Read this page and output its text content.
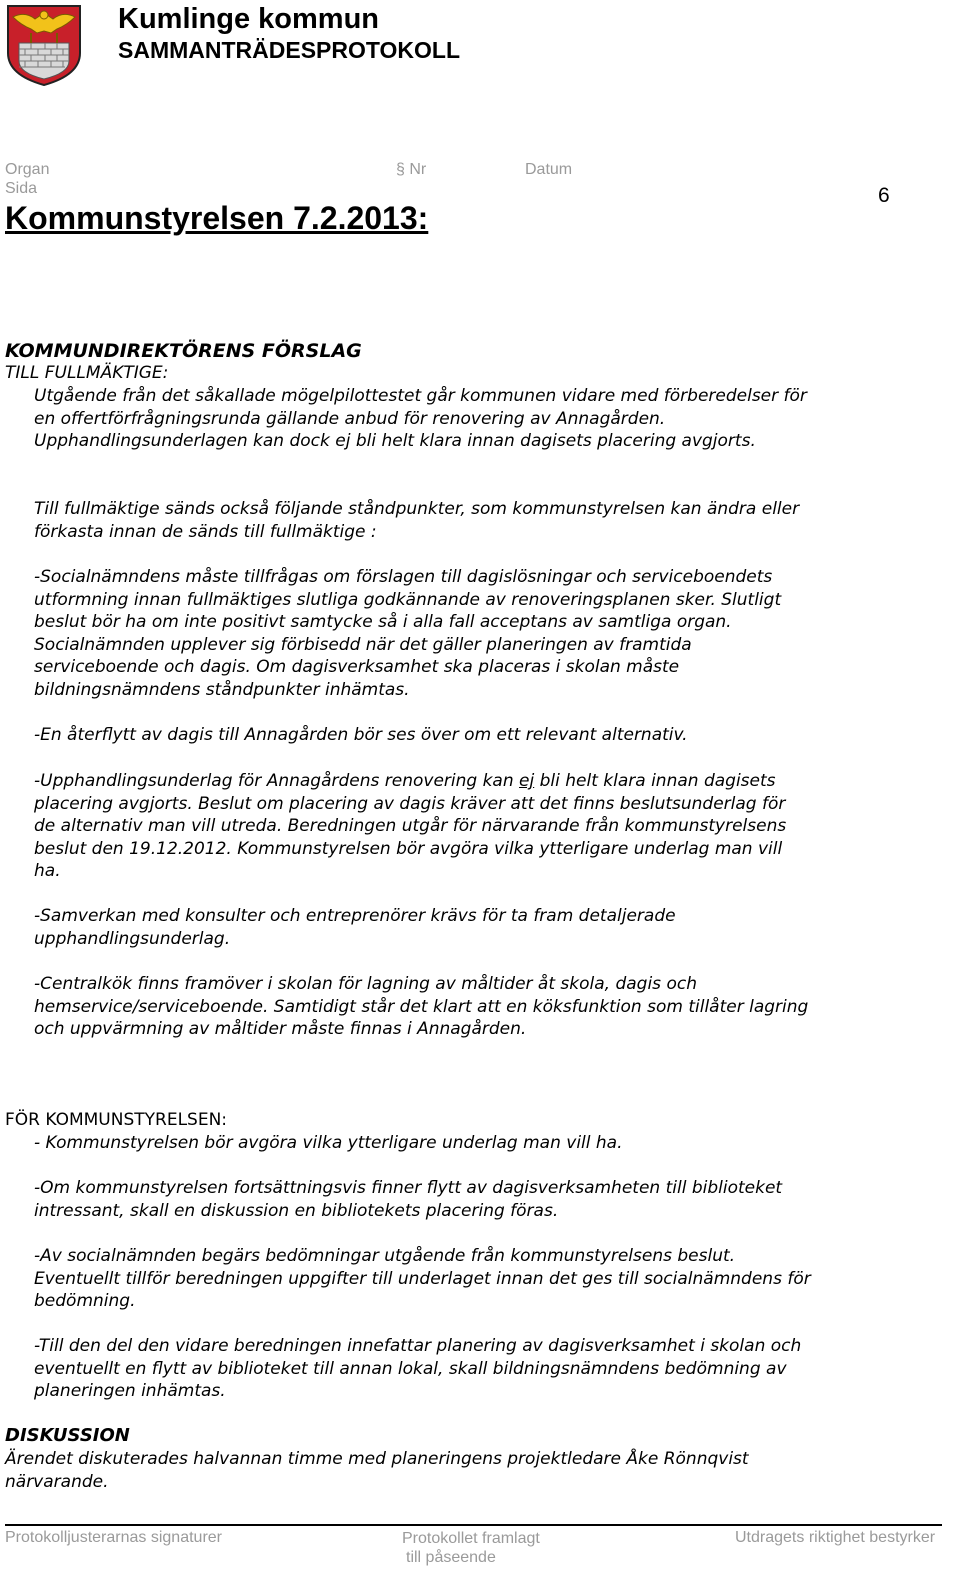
Kumlinge kommun
SAMMANTRÄDESPROTOKOLL
Organ	§ Nr	Datum
Sida
Kommunstyrelsen 7.2.2013:
6
KOMMUNDIREKTÖRENS FÖRSLAG
TILL FULLMÄKTIGE:
Utgående från det såkallade mögelpilottestet går kommunen vidare med förberedelser för
en offertförfrågningsrunda gällande anbud för renovering av Annagården.
Upphandlingsunderlagen kan dock ej bli helt klara innan dagisets placering avgjorts.
Till fullmäktige sänds också följande ståndpunkter, som kommunstyrelsen kan ändra eller
förkasta innan de sänds till fullmäktige :
-Socialnämndens måste tillfrågas om förslagen till dagislösningar och serviceboendets
utformning innan fullmäktiges slutliga godkännande av renoveringsplanen sker. Slutligt
beslut bör ha om inte positivt samtycke så i alla fall acceptans av samtliga organ.
Socialnämnden upplever sig förbisedd när det gäller planeringen av framtida
serviceboende och dagis. Om dagisverksamhet ska placeras i skolan måste
bildningsnämndens ståndpunkter inhämtas.
-En återflytt av dagis till Annagården bör ses över om ett relevant alternativ.
-Upphandlingsunderlag för Annagårdens renovering kan ej bli helt klara innan dagisets
placering avgjorts. Beslut om placering av dagis kräver att det finns beslutsunderlag för
de alternativ man vill utreda. Beredningen utgår för närvarande från kommunstyrelsens
beslut den 19.12.2012. Kommunstyrelsen bör avgöra vilka ytterligare underlag man vill
ha.
-Samverkan med konsulter och entreprenörer krävs för ta fram detaljerade
upphandlingsunderlag.
-Centralkök finns framöver i skolan för lagning av måltider åt skola, dagis och
hemservice/serviceboende. Samtidigt står det klart att en köksfunktion som tillåter lagring
och uppvärmning av måltider måste finnas i Annagården.
FÖR KOMMUNSTYRELSEN:
- Kommunstyrelsen bör avgöra vilka ytterligare underlag man vill ha.
-Om kommunstyrelsen fortsättningsvis finner flytt av dagisverksamheten till biblioteket
intressant, skall en diskussion en bibliotekets placering föras.
-Av socialnämnden begärs bedömningar utgående från kommunstyrelsens beslut.
Eventuellt tillför beredningen uppgifter till underlaget innan det ges till socialnämndens för
bedömning.
-Till den del den vidare beredningen innefattar planering av dagisverksamhet i skolan och
eventuellt en flytt av biblioteket till annan lokal, skall bildningsnämndens bedömning av
planeringen inhämtas.
DISKUSSION
Ärendet diskuterades halvannan timme med planeringens projektledare Åke Rönnqvist
närvarande.
Protokolljusterarnas signaturer	Protokollet framlagt
till påseende
Utdragets riktighet bestyrker
